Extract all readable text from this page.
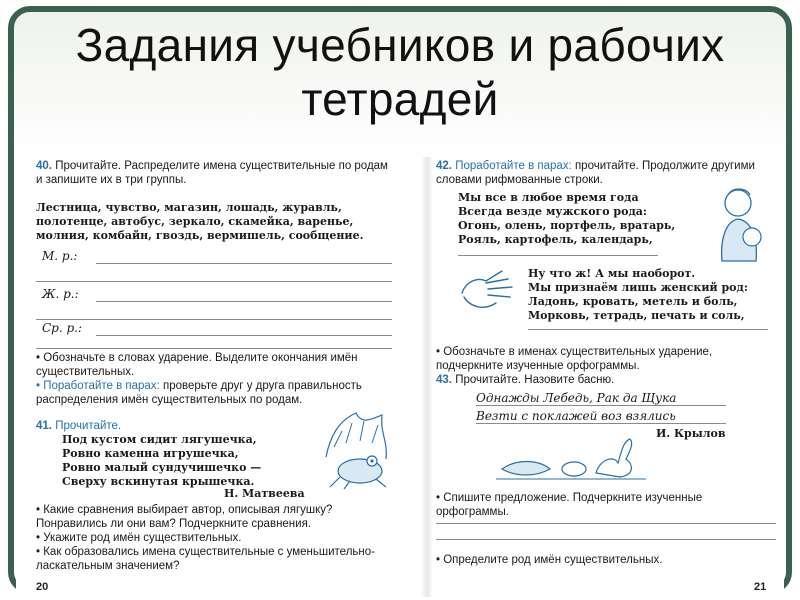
Задания учебников и рабочих
тетрадей
40. Прочитайте. Распределите имена существительные по родам и запишите их в три группы.
Лестница, чувство, магазин, лошадь, журавль, полотенце, автобус, зеркало, скамейка, варенье, молния, комбайн, гвоздь, вермишель, сообщение.
М. р.:
Ж. р.:
Ср. р.:
• Обозначьте в словах ударение. Выделите окончания имён существительных.
• Поработайте в парах: проверьте друг у друга правильность распределения имён существительных по родам.
41. Прочитайте.
Под кустом сидит лягушечка,
Ровно каменна игрушечка,
Ровно малый сундучишечко —
Сверху вскинутая крышечка.
Н. Матвеева
• Какие сравнения выбирает автор, описывая лягушку? Понравились ли они вам? Подчеркните сравнения.
• Укажите род имён существительных.
• Как образовались имена существительные с уменьшительно-ласкательным значением?
20
42. Поработайте в парах: прочитайте. Продолжите другими словами рифмованные строки.
Мы все в любое время года
Всегда везде мужского рода:
Огонь, олень, портфель, вратарь,
Рояль, картофель, календарь,
Ну что ж! А мы наоборот.
Мы признаём лишь женский род:
Ладонь, кровать, метель и боль,
Морковь, тетрадь, печать и соль,
• Обозначьте в именах существительных ударение, подчеркните изученные орфограммы.
43. Прочитайте. Назовите басню.
Однажды Лебедь, Рак да Щука
Везти с поклажей воз взялись
И. Крылов
• Спишите предложение. Подчеркните изученные орфограммы.
• Определите род имён существительных.
21
